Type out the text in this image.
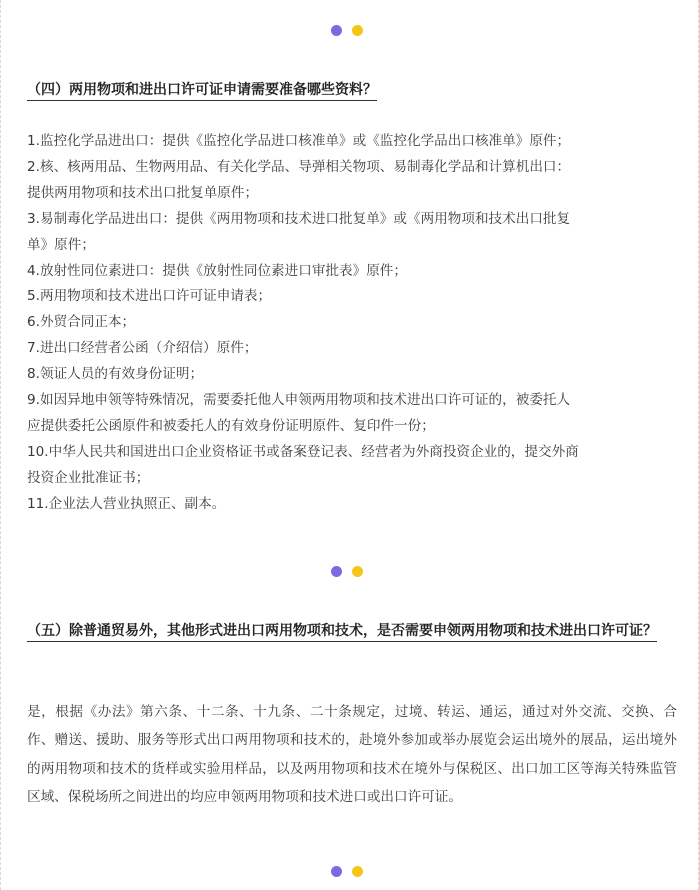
（四）两用物项和进出口许可证申请需要准备哪些资料？
1.监控化学品进出口：提供《监控化学品进口核准单》或《监控化学品出口核准单》原件；
2.核、核两用品、生物两用品、有关化学品、导弹相关物项、易制毒化学品和计算机出口：
提供两用物项和技术出口批复单原件；
3.易制毒化学品进出口：提供《两用物项和技术进口批复单》或《两用物项和技术出口批复
单》原件；
4.放射性同位素进口：提供《放射性同位素进口审批表》原件；
5.两用物项和技术进出口许可证申请表；
6.外贸合同正本；
7.进出口经营者公函（介绍信）原件；
8.领证人员的有效身份证明；
9.如因异地申领等特殊情况，需要委托他人申领两用物项和技术进出口许可证的，被委托人
应提供委托公函原件和被委托人的有效身份证明原件、复印件一份；
10.中华人民共和国进出口企业资格证书或备案登记表、经营者为外商投资企业的，提交外商
投资企业批准证书；
11.企业法人营业执照正、副本。
（五）除普通贸易外，其他形式进出口两用物项和技术，是否需要申领两用物项和技术进出口许可证？

是，根据《办法》第六条、十二条、十九条、二十条规定，过境、转运、通运，通过对外交流、交换、合作、赠送、援助、服务等形式出口两用物项和技术的，赴境外参加或举办展览会运出境外的展品，运出境外的两用物项和技术的货样或实验用样品，以及两用物项和技术在境外与保税区、出口加工区等海关特殊监管区域、保税场所之间进出的均应申领两用物项和技术进口或出口许可证。
